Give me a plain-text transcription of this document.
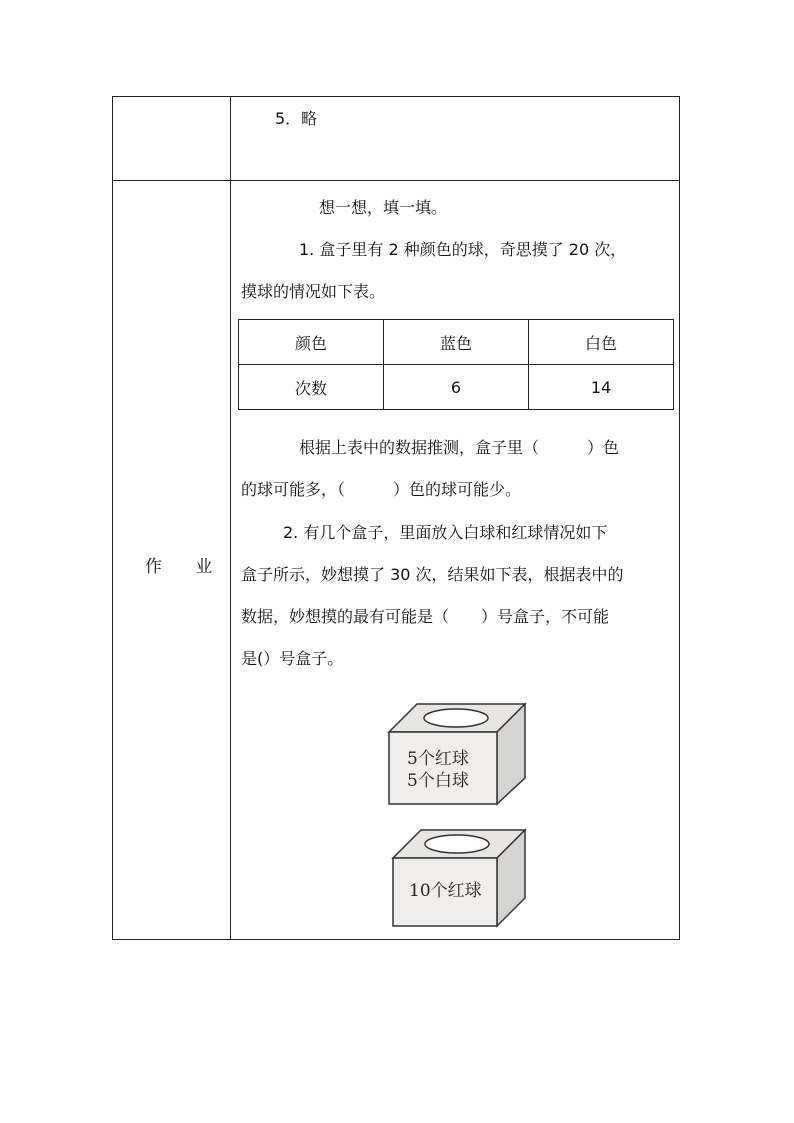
5．略
作 业
想一想，填一填。
1. 盒子里有 2 种颜色的球，奇思摸了 20 次，
摸球的情况如下表。
颜色	蓝色	白色
次数	6	14
根据上表中的数据推测，盒子里（　　　）色
的球可能多，（　　　）色的球可能少。
2. 有几个盒子，里面放入白球和红球情况如下
盒子所示，妙想摸了 30 次，结果如下表，根据表中的
数据，妙想摸的最有可能是（　　）号盒子，不可能
是(）号盒子。
5个红球
5个白球
10个红球
